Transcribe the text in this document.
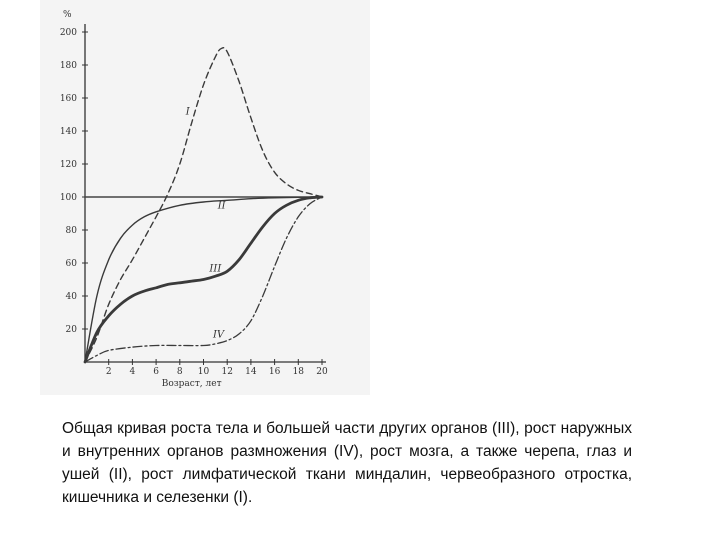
%
20
40
60
80
100
120
140
160
180
200
2 4 6 8 10 12 14 16 18 20
Возраст, лет
I
II
III
IV

Общая кривая роста тела и большей части других органов (III), рост наружных и внутренних органов размножения (IV), рост мозга, а также черепа, глаз и ушей (II), рост лимфатической ткани миндалин, червеобразного отростка, кишечника и селезенки (I).
